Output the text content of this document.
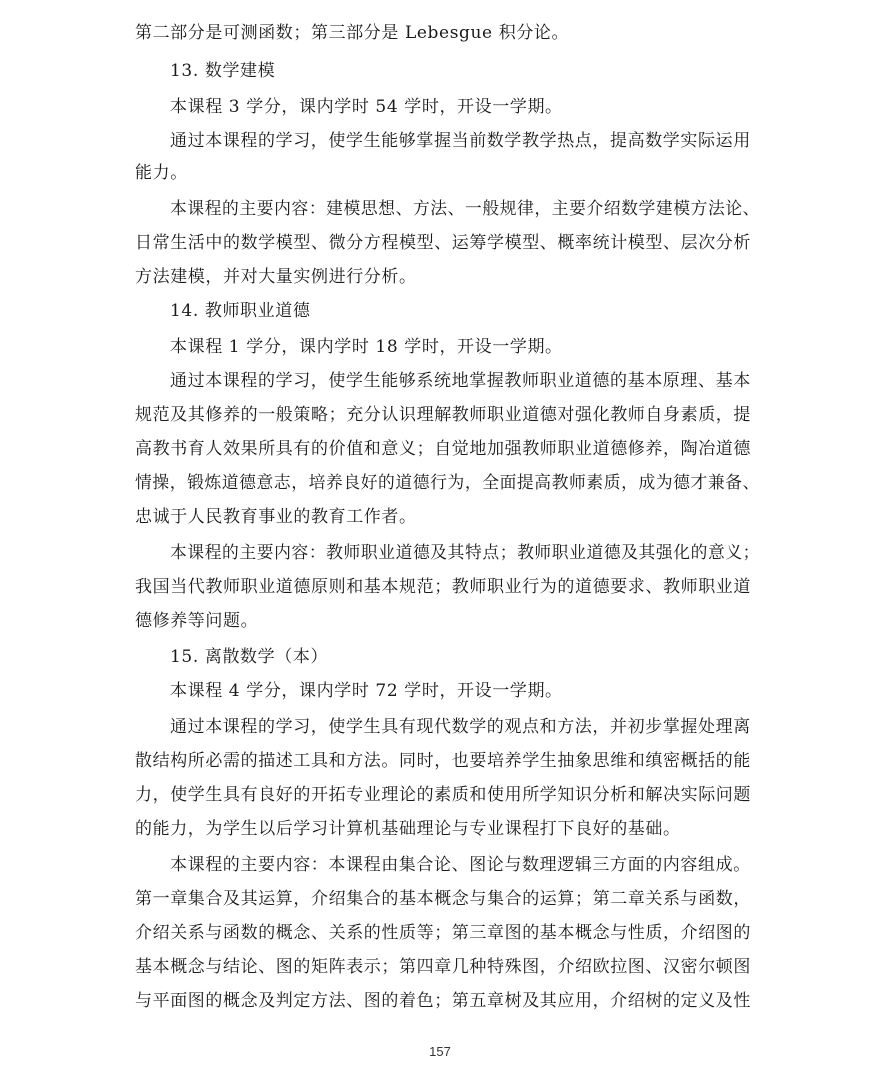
第二部分是可测函数；第三部分是 Lebesgue 积分论。
13. 数学建模
本课程 3 学分，课内学时 54 学时，开设一学期。
通过本课程的学习，使学生能够掌握当前数学教学热点，提高数学实际运用
能力。
本课程的主要内容：建模思想、方法、一般规律，主要介绍数学建模方法论、
日常生活中的数学模型、微分方程模型、运筹学模型、概率统计模型、层次分析
方法建模，并对大量实例进行分析。
14. 教师职业道德
本课程 1 学分，课内学时 18 学时，开设一学期。
通过本课程的学习，使学生能够系统地掌握教师职业道德的基本原理、基本
规范及其修养的一般策略；充分认识理解教师职业道德对强化教师自身素质，提
高教书育人效果所具有的价值和意义；自觉地加强教师职业道德修养，陶冶道德
情操，锻炼道德意志，培养良好的道德行为，全面提高教师素质，成为德才兼备、
忠诚于人民教育事业的教育工作者。
本课程的主要内容：教师职业道德及其特点；教师职业道德及其强化的意义；
我国当代教师职业道德原则和基本规范；教师职业行为的道德要求、教师职业道
德修养等问题。
15. 离散数学（本）
本课程 4 学分，课内学时 72 学时，开设一学期。
通过本课程的学习，使学生具有现代数学的观点和方法，并初步掌握处理离
散结构所必需的描述工具和方法。同时，也要培养学生抽象思维和缜密概括的能
力，使学生具有良好的开拓专业理论的素质和使用所学知识分析和解决实际问题
的能力，为学生以后学习计算机基础理论与专业课程打下良好的基础。
本课程的主要内容：本课程由集合论、图论与数理逻辑三方面的内容组成。
第一章集合及其运算，介绍集合的基本概念与集合的运算；第二章关系与函数，
介绍关系与函数的概念、关系的性质等；第三章图的基本概念与性质，介绍图的
基本概念与结论、图的矩阵表示；第四章几种特殊图，介绍欧拉图、汉密尔顿图
与平面图的概念及判定方法、图的着色；第五章树及其应用，介绍树的定义及性
157
